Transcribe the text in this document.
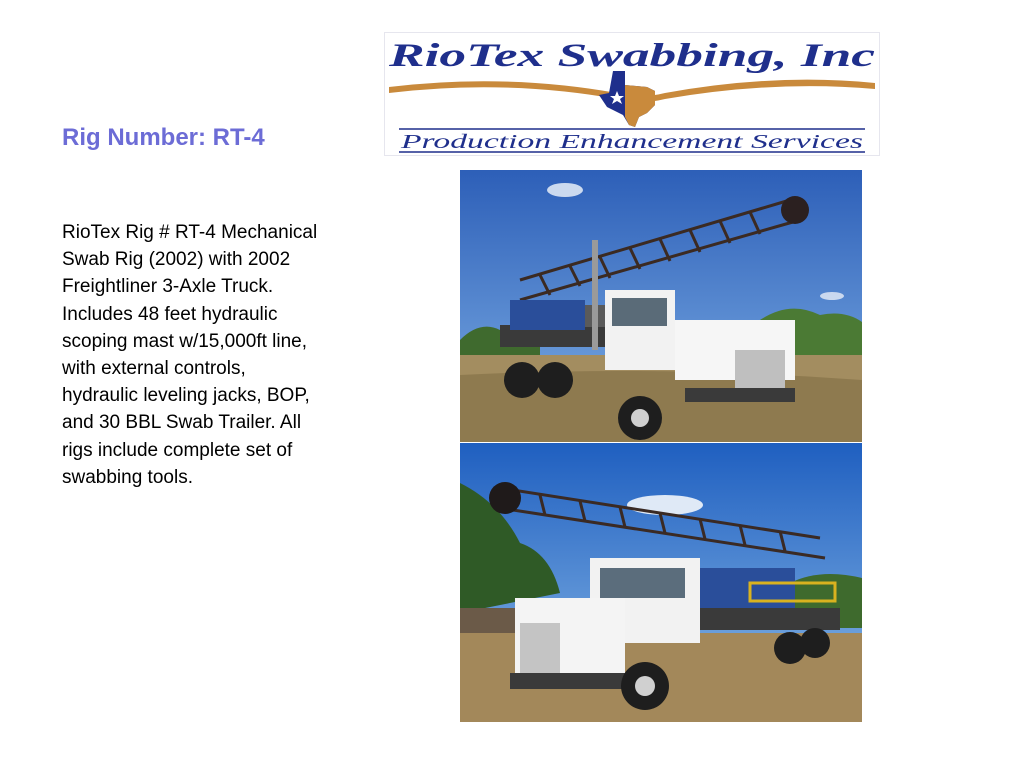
RioTex Swabbing, Inc
Production Enhancement Services
Rig Number: RT-4
RioTex Rig # RT-4 Mechanical
Swab Rig (2002) with 2002
Freightliner 3-Axle Truck.
Includes 48 feet hydraulic
scoping mast w/15,000ft line,
with external controls,
hydraulic leveling jacks, BOP,
and 30 BBL Swab Trailer. All
rigs include complete set of
swabbing tools.
